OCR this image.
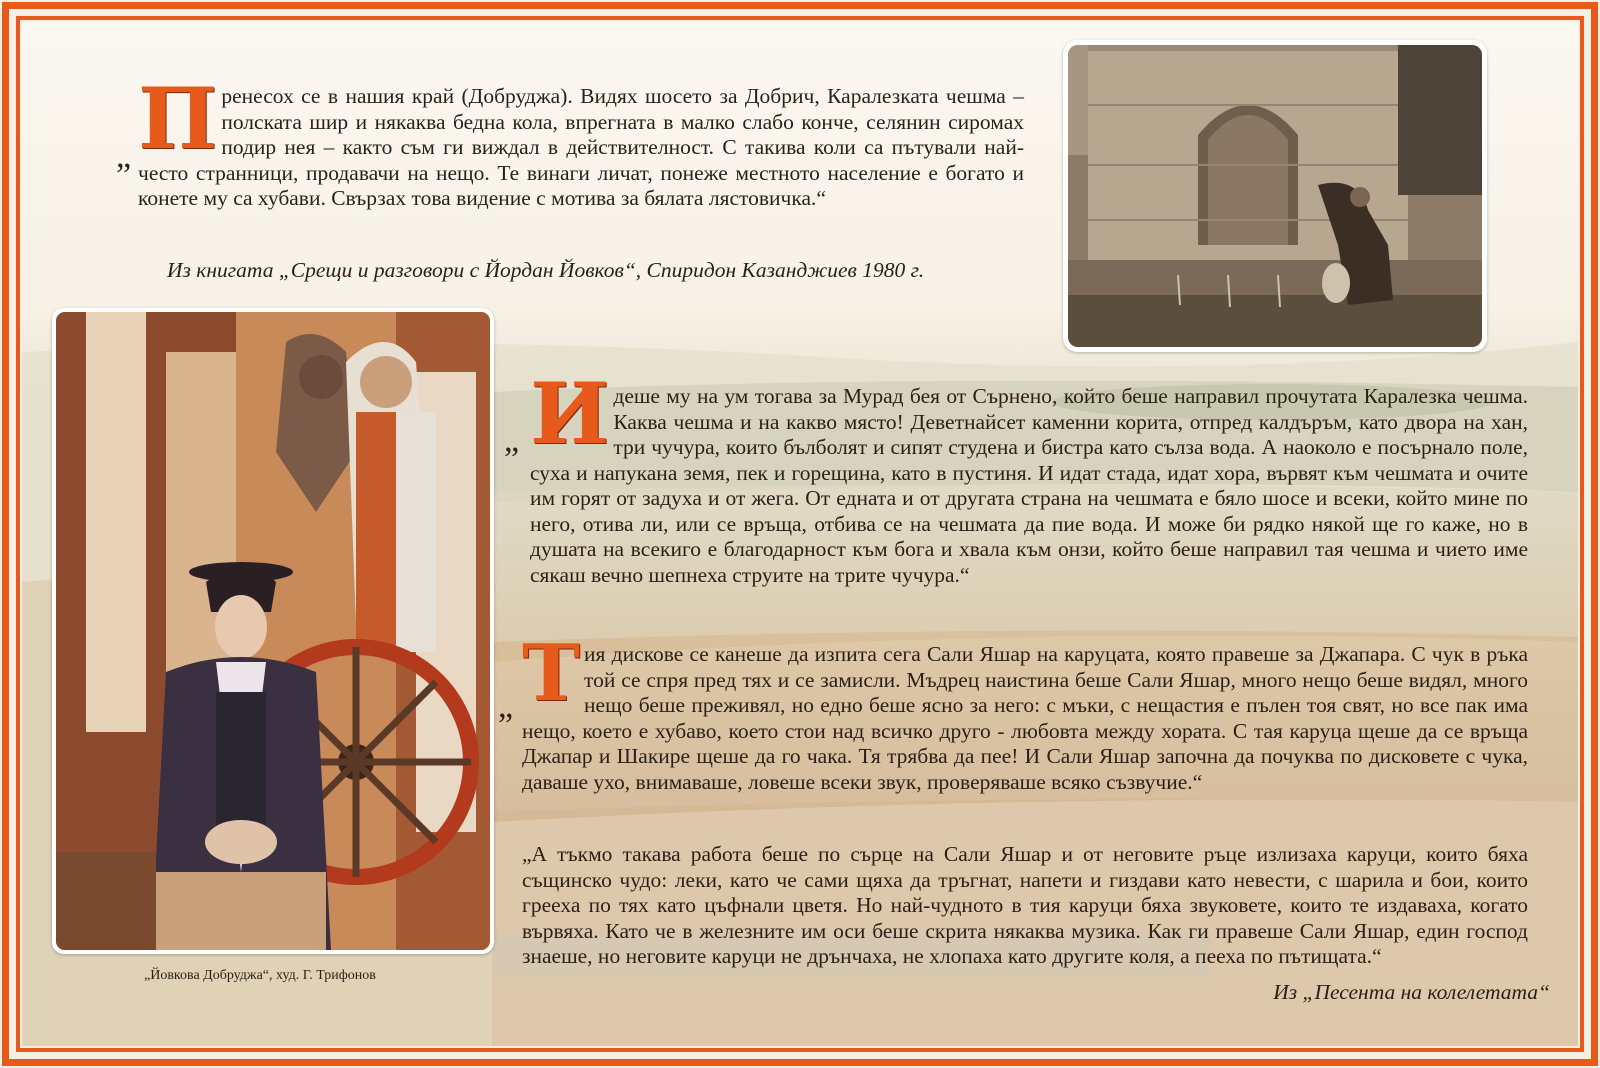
„ П ренесох се в нашия край (Добруджа). Видях шосето за Добрич, Каралезката чешма – полската шир и някаква бедна кола, впрегната в малко слабо конче, селянин сиромах подир нея – както съм ги виждал в действителност. С такива коли са пътували най-често странници, продавачи на нещо. Те винаги личат, понеже местното население е богато и конете му са хубави. Свързах това видение с мотива за бялата лястовичка.“

Из книгата „Срещи и разговори с Йордан Йовков“, Спиридон Казанджиев 1980 г.
„Йовкова Добруджа“, худ. Г. Трифонов
„ И дeше му на ум тогава за Мурад бея от Сърнено, който беше направил прочутата Каралезка чешма. Каква чешма и на какво място! Деветнайсет каменни корита, отпред калдъръм, като двора на хан, три чучура, които бълболят и сипят студена и бистра като сълза вода. А наоколо е посърнало поле, суха и напукана земя, пек и горещина, като в пустиня. И идат стада, идат хора, вървят към чешмата и очите им горят от задуха и от жега. От едната и от другата страна на чешмата е бяло шосе и всеки, който мине по него, отива ли, или се връща, отбива се на чешмата да пие вода. И може би рядко някой ще го каже, но в душата на всекиго е благодарност към бога и хвала към онзи, който беше направил тая чешма и чието име сякаш вечно шепнеха струите на трите чучура.“

„ Т ия дискове се канеше да изпита сега Сали Яшар на каруцата, която правеше за Джапара. С чук в ръка той се спря пред тях и се замисли. Мъдрец наистина беше Сали Яшар, много нещо беше видял, много нещо беше преживял, но едно беше ясно за него: с мъки, с нещастия е пълен тоя свят, но все пак има нещо, което е хубаво, което стои над всичко друго - любовта между хората. С тая каруца щеше да се връща Джапар и Шакире щеше да го чака. Тя трябва да пее! И Сали Яшар започна да почуква по дисковете с чука, даваше ухо, внимаваше, ловеше всеки звук, проверяваше всяко съзвучие.“

„А тъкмо такава работа беше по сърце на Сали Яшар и от неговите ръце излизаха каруци, които бяха същинско чудо: леки, като че сами щяха да тръгнат, напети и гиздави като невести, с шарила и бои, които грееха по тях като цъфнали цветя. Но най-чудното в тия каруци бяха звуковете, които те издаваха, когато вървяха. Като че в железните им оси беше скрита някаква музика. Как ги правеше Сали Яшар, един господ знаеше, но неговите каруци не дрънчаха, не хлопаха като другите коля, а пееха по пътищата.“

Из „Песента на колелетата“
